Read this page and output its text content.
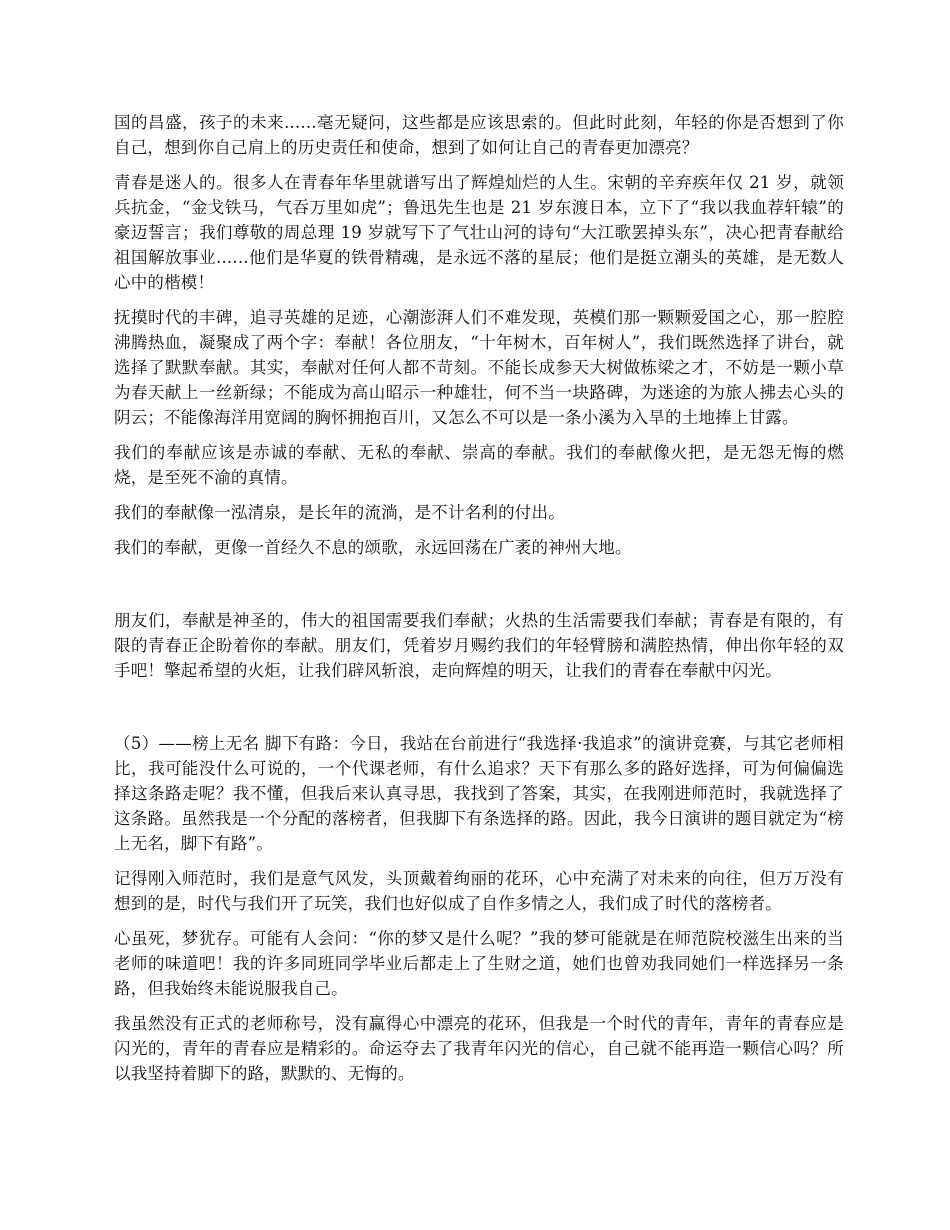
国的昌盛，孩子的未来......毫无疑问，这些都是应该思索的。但此时此刻，年轻的你是否想到了你自己，想到你自己肩上的历史责任和使命，想到了如何让自己的青春更加漂亮？

青春是迷人的。很多人在青春年华里就谱写出了辉煌灿烂的人生。宋朝的辛弃疾年仅 21 岁，就领兵抗金，“金戈铁马，气吞万里如虎”；鲁迅先生也是 21 岁东渡日本，立下了“我以我血荐轩辕”的豪迈誓言；我们尊敬的周总理 19 岁就写下了气壮山河的诗句“大江歌罢掉头东”，决心把青春献给祖国解放事业......他们是华夏的铁骨精魂，是永远不落的星辰；他们是挺立潮头的英雄，是无数人心中的楷模！

抚摸时代的丰碑，追寻英雄的足迹，心潮澎湃人们不难发现，英模们那一颗颗爱国之心，那一腔腔沸腾热血，凝聚成了两个字：奉献！各位朋友，“十年树木，百年树人”，我们既然选择了讲台，就选择了默默奉献。其实，奉献对任何人都不苛刻。不能长成参天大树做栋梁之才，不妨是一颗小草为春天献上一丝新绿；不能成为高山昭示一种雄壮，何不当一块路碑，为迷途的为旅人拂去心头的阴云；不能像海洋用宽阔的胸怀拥抱百川，又怎么不可以是一条小溪为入旱的土地捧上甘露。

我们的奉献应该是赤诚的奉献、无私的奉献、崇高的奉献。我们的奉献像火把，是无怨无悔的燃烧，是至死不渝的真情。

我们的奉献像一泓清泉，是长年的流淌，是不计名利的付出。

我们的奉献，更像一首经久不息的颂歌，永远回荡在广袤的神州大地。

朋友们，奉献是神圣的，伟大的祖国需要我们奉献；火热的生活需要我们奉献；青春是有限的，有限的青春正企盼着你的奉献。朋友们，凭着岁月赐约我们的年轻臂膀和满腔热情，伸出你年轻的双手吧！擎起希望的火炬，让我们辟风斩浪，走向辉煌的明天，让我们的青春在奉献中闪光。

（5）——榜上无名 脚下有路：今日，我站在台前进行“我选择·我追求”的演讲竞赛，与其它老师相比，我可能没什么可说的，一个代课老师，有什么追求？天下有那么多的路好选择，可为何偏偏选择这条路走呢？我不懂，但我后来认真寻思，我找到了答案，其实，在我刚进师范时，我就选择了这条路。虽然我是一个分配的落榜者，但我脚下有条选择的路。因此，我今日演讲的题目就定为“榜上无名，脚下有路”。

记得刚入师范时，我们是意气风发，头顶戴着绚丽的花环，心中充满了对未来的向往，但万万没有想到的是，时代与我们开了玩笑，我们也好似成了自作多情之人，我们成了时代的落榜者。

心虽死，梦犹存。可能有人会问：“你的梦又是什么呢？”我的梦可能就是在师范院校滋生出来的当老师的味道吧！我的许多同班同学毕业后都走上了生财之道，她们也曾劝我同她们一样选择另一条路，但我始终未能说服我自己。

我虽然没有正式的老师称号，没有赢得心中漂亮的花环，但我是一个时代的青年，青年的青春应是闪光的，青年的青春应是精彩的。命运夺去了我青年闪光的信心，自己就不能再造一颗信心吗？所以我坚持着脚下的路，默默的、无悔的。
